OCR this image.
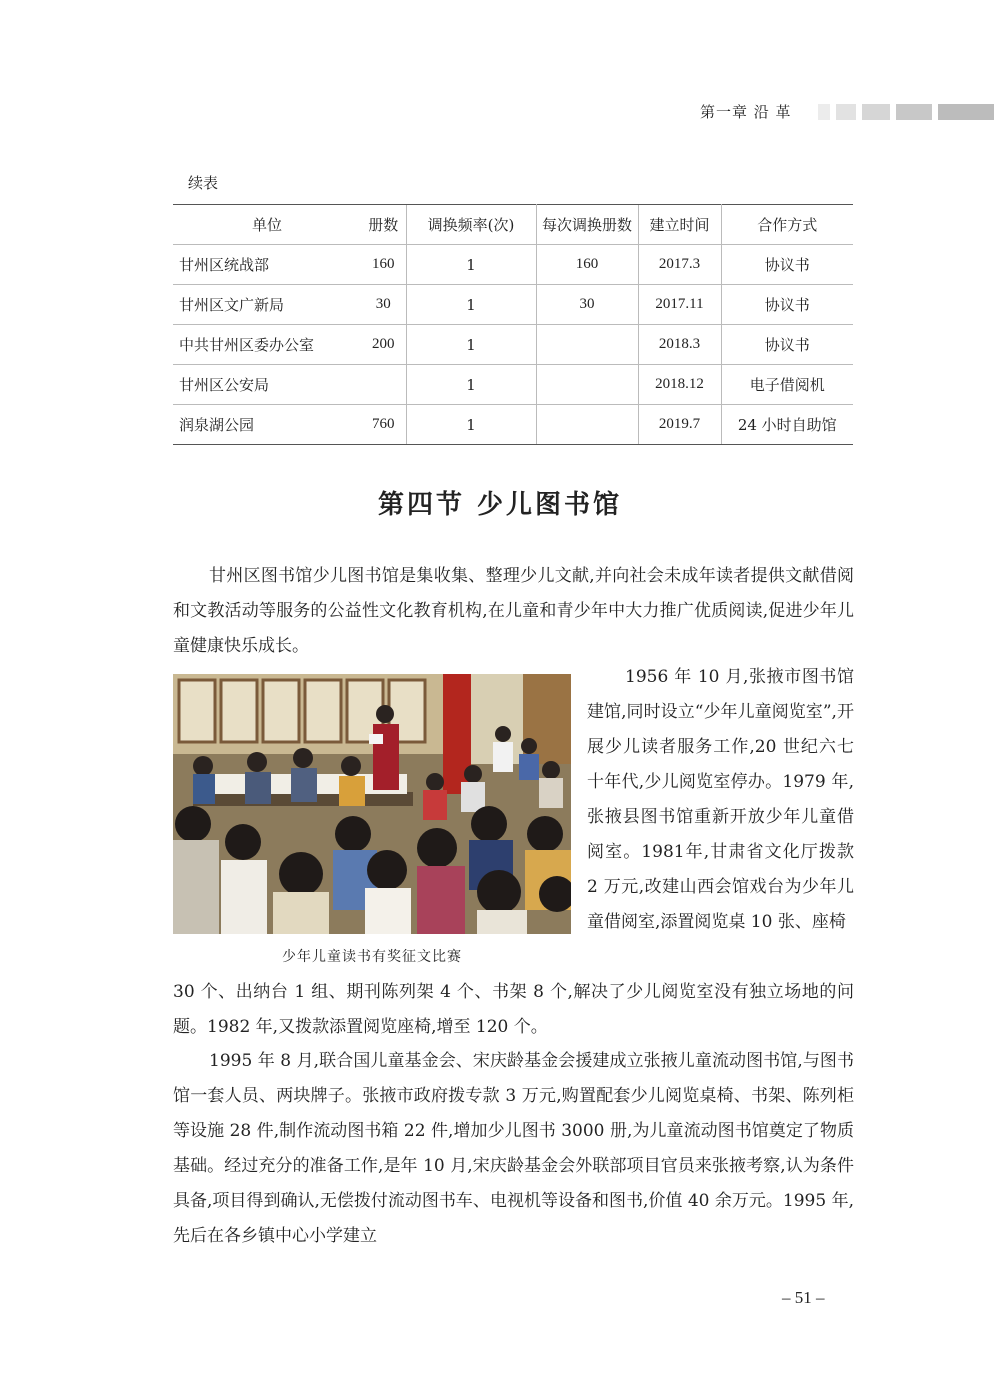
第一章 沿 革
续表
单位	册数	调换频率(次)	每次调换册数	建立时间	合作方式
甘州区统战部	160	1	160	2017.3	协议书
甘州区文广新局	30	1	30	2017.11	协议书
中共甘州区委办公室	200	1		2018.3	协议书
甘州区公安局		1		2018.12	电子借阅机
润泉湖公园	760	1		2019.7	24 小时自助馆
第四节 少儿图书馆

甘州区图书馆少儿图书馆是集收集、整理少儿文献,并向社会未成年读者提供文献借阅和文教活动等服务的公益性文化教育机构,在儿童和青少年中大力推广优质阅读,促进少年儿童健康快乐成长。

少年儿童读书有奖征文比赛

1956 年 10 月,张掖市图书馆建馆,同时设立“少年儿童阅览室”,开展少儿读者服务工作,20 世纪六七十年代,少儿阅览室停办。1979 年,张掖县图书馆重新开放少年儿童借阅室。1981年,甘肃省文化厅拨款 2 万元,改建山西会馆戏台为少年儿童借阅室,添置阅览桌 10 张、座椅

30 个、出纳台 1 组、期刊陈列架 4 个、书架 8 个,解决了少儿阅览室没有独立场地的问题。1982 年,又拨款添置阅览座椅,增至 120 个。

1995 年 8 月,联合国儿童基金会、宋庆龄基金会援建成立张掖儿童流动图书馆,与图书馆一套人员、两块牌子。张掖市政府拨专款 3 万元,购置配套少儿阅览桌椅、书架、陈列柜等设施 28 件,制作流动图书箱 22 件,增加少儿图书 3000 册,为儿童流动图书馆奠定了物质基础。经过充分的准备工作,是年 10 月,宋庆龄基金会外联部项目官员来张掖考察,认为条件具备,项目得到确认,无偿拨付流动图书车、电视机等设备和图书,价值 40 余万元。1995 年,先后在各乡镇中心小学建立

– 51 –
